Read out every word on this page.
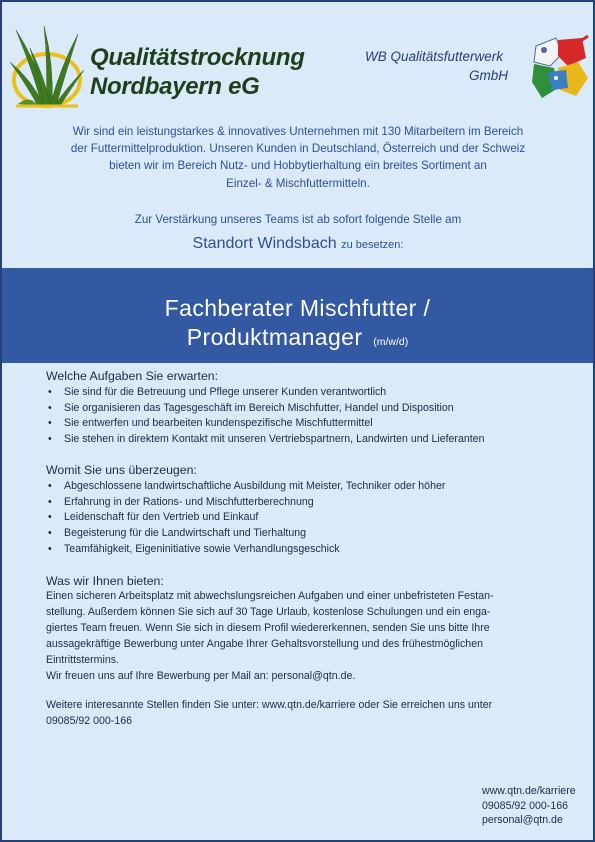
Qualitätstrocknung
Nordbayern eG
WB Qualitätsfutterwerk
GmbH
Wir sind ein leistungstarkes & innovatives Unternehmen mit 130 Mitarbeitern im Bereich
der Futtermittelproduktion. Unseren Kunden in Deutschland, Österreich und der Schweiz
bieten wir im Bereich Nutz- und Hobbytierhaltung ein breites Sortiment an
Einzel- & Mischfuttermitteln.
Zur Verstärkung unseres Teams ist ab sofort folgende Stelle am
Standort Windsbach zu besetzen:
Fachberater Mischfutter /
Produktmanager (m/w/d)
Welche Aufgaben Sie erwarten:
• Sie sind für die Betreuung und Pflege unserer Kunden verantwortlich
• Sie organisieren das Tagesgeschäft im Bereich Mischfutter, Handel und Disposition
• Sie entwerfen und bearbeiten kundenspezifische Mischfuttermittel
• Sie stehen in direktem Kontakt mit unseren Vertriebspartnern, Landwirten und Lieferanten
Womit Sie uns überzeugen:
• Abgeschlossene landwirtschaftliche Ausbildung mit Meister, Techniker oder höher
• Erfahrung in der Rations- und Mischfutterberechnung
• Leidenschaft für den Vertrieb und Einkauf
• Begeisterung für die Landwirtschaft und Tierhaltung
• Teamfähigkeit, Eigeninitiative sowie Verhandlungsgeschick
Was wir Ihnen bieten:
Einen sicheren Arbeitsplatz mit abwechslungsreichen Aufgaben und einer unbefristeten Festan-
stellung. Außerdem können Sie sich auf 30 Tage Urlaub, kostenlose Schulungen und ein enga-
giertes Team freuen. Wenn Sie sich in diesem Profil wiedererkennen, senden Sie uns bitte Ihre
aussagekräftige Bewerbung unter Angabe Ihrer Gehaltsvorstellung und des frühestmöglichen
Eintrittstermins.
Wir freuen uns auf Ihre Bewerbung per Mail an: personal@qtn.de.
Weitere interesannte Stellen finden Sie unter: www.qtn.de/karriere oder Sie erreichen uns unter
09085/92 000-166
www.qtn.de/karriere
09085/92 000-166
personal@qtn.de
